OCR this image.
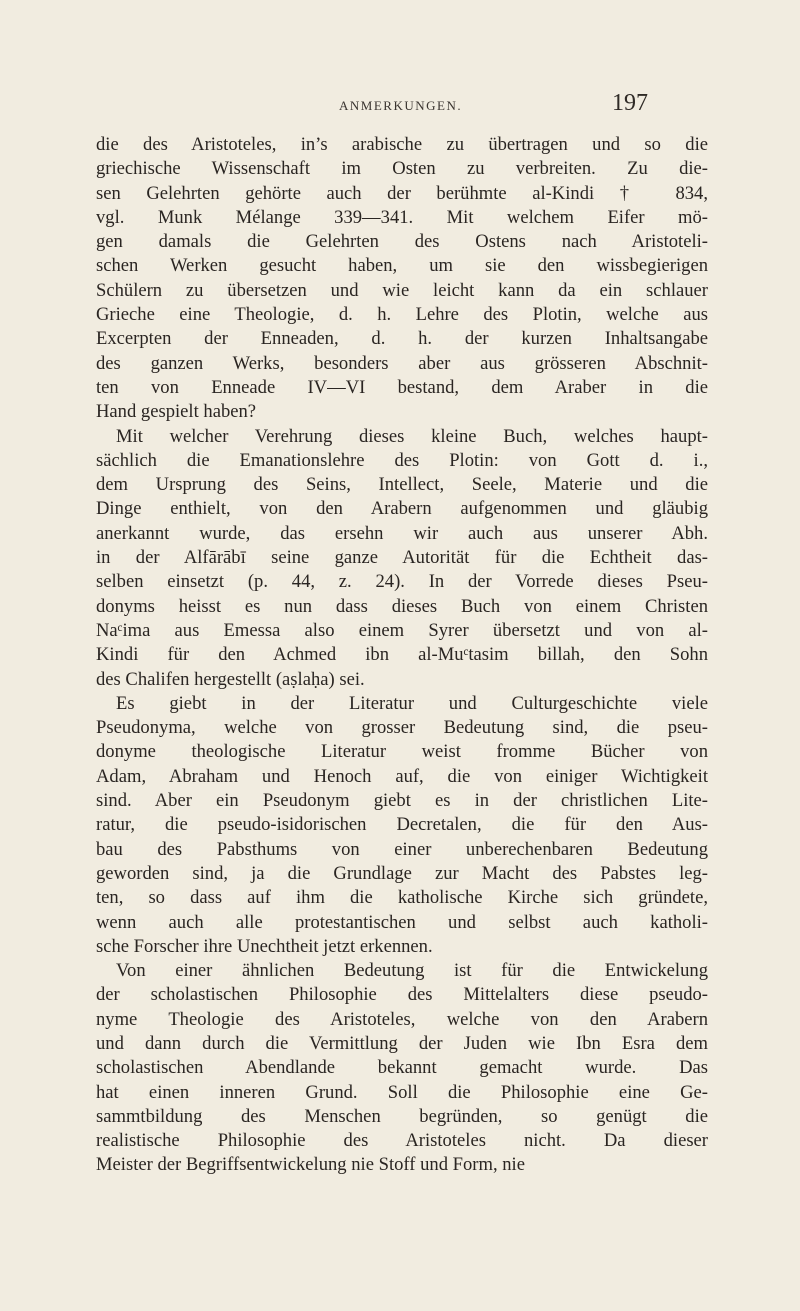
ANMERKUNGEN.	197
die des Aristoteles, in’s arabische zu übertragen und so die
griechische Wissenschaft im Osten zu verbreiten. Zu die-
sen Gelehrten gehörte auch der berühmte al-Kindi † 834,
vgl. Munk Mélange 339—341. Mit welchem Eifer mö-
gen damals die Gelehrten des Ostens nach Aristoteli-
schen Werken gesucht haben, um sie den wissbegierigen
Schülern zu übersetzen und wie leicht kann da ein schlauer
Grieche eine Theologie, d. h. Lehre des Plotin, welche aus
Excerpten der Enneaden, d. h. der kurzen Inhaltsangabe
des ganzen Werks, besonders aber aus grösseren Abschnit-
ten von Enneade IV—VI bestand, dem Araber in die
Hand gespielt haben?
Mit welcher Verehrung dieses kleine Buch, welches haupt-
sächlich die Emanationslehre des Plotin: von Gott d. i.,
dem Ursprung des Seins, Intellect, Seele, Materie und die
Dinge enthielt, von den Arabern aufgenommen und gläubig
anerkannt wurde, das ersehn wir auch aus unserer Abh.
in der Alfārābī seine ganze Autorität für die Echtheit das-
selben einsetzt (p. 44, z. 24). In der Vorrede dieses Pseu-
donyms heisst es nun dass dieses Buch von einem Christen
Naᶜima aus Emessa also einem Syrer übersetzt und von al-
Kindi für den Achmed ibn al-Muᶜtasim billah, den Sohn
des Chalifen hergestellt (aṣlaḥa) sei.
Es giebt in der Literatur und Culturgeschichte viele
Pseudonyma, welche von grosser Bedeutung sind, die pseu-
donyme theologische Literatur weist fromme Bücher von
Adam, Abraham und Henoch auf, die von einiger Wichtigkeit
sind. Aber ein Pseudonym giebt es in der christlichen Lite-
ratur, die pseudo-isidorischen Decretalen, die für den Aus-
bau des Pabsthums von einer unberechenbaren Bedeutung
geworden sind, ja die Grundlage zur Macht des Pabstes leg-
ten, so dass auf ihm die katholische Kirche sich gründete,
wenn auch alle protestantischen und selbst auch katholi-
sche Forscher ihre Unechtheit jetzt erkennen.
Von einer ähnlichen Bedeutung ist für die Entwickelung
der scholastischen Philosophie des Mittelalters diese pseudo-
nyme Theologie des Aristoteles, welche von den Arabern
und dann durch die Vermittlung der Juden wie Ibn Esra dem
scholastischen Abendlande bekannt gemacht wurde. Das
hat einen inneren Grund. Soll die Philosophie eine Ge-
sammtbildung des Menschen begründen, so genügt die
realistische Philosophie des Aristoteles nicht. Da dieser
Meister der Begriffsentwickelung nie Stoff und Form, nie
